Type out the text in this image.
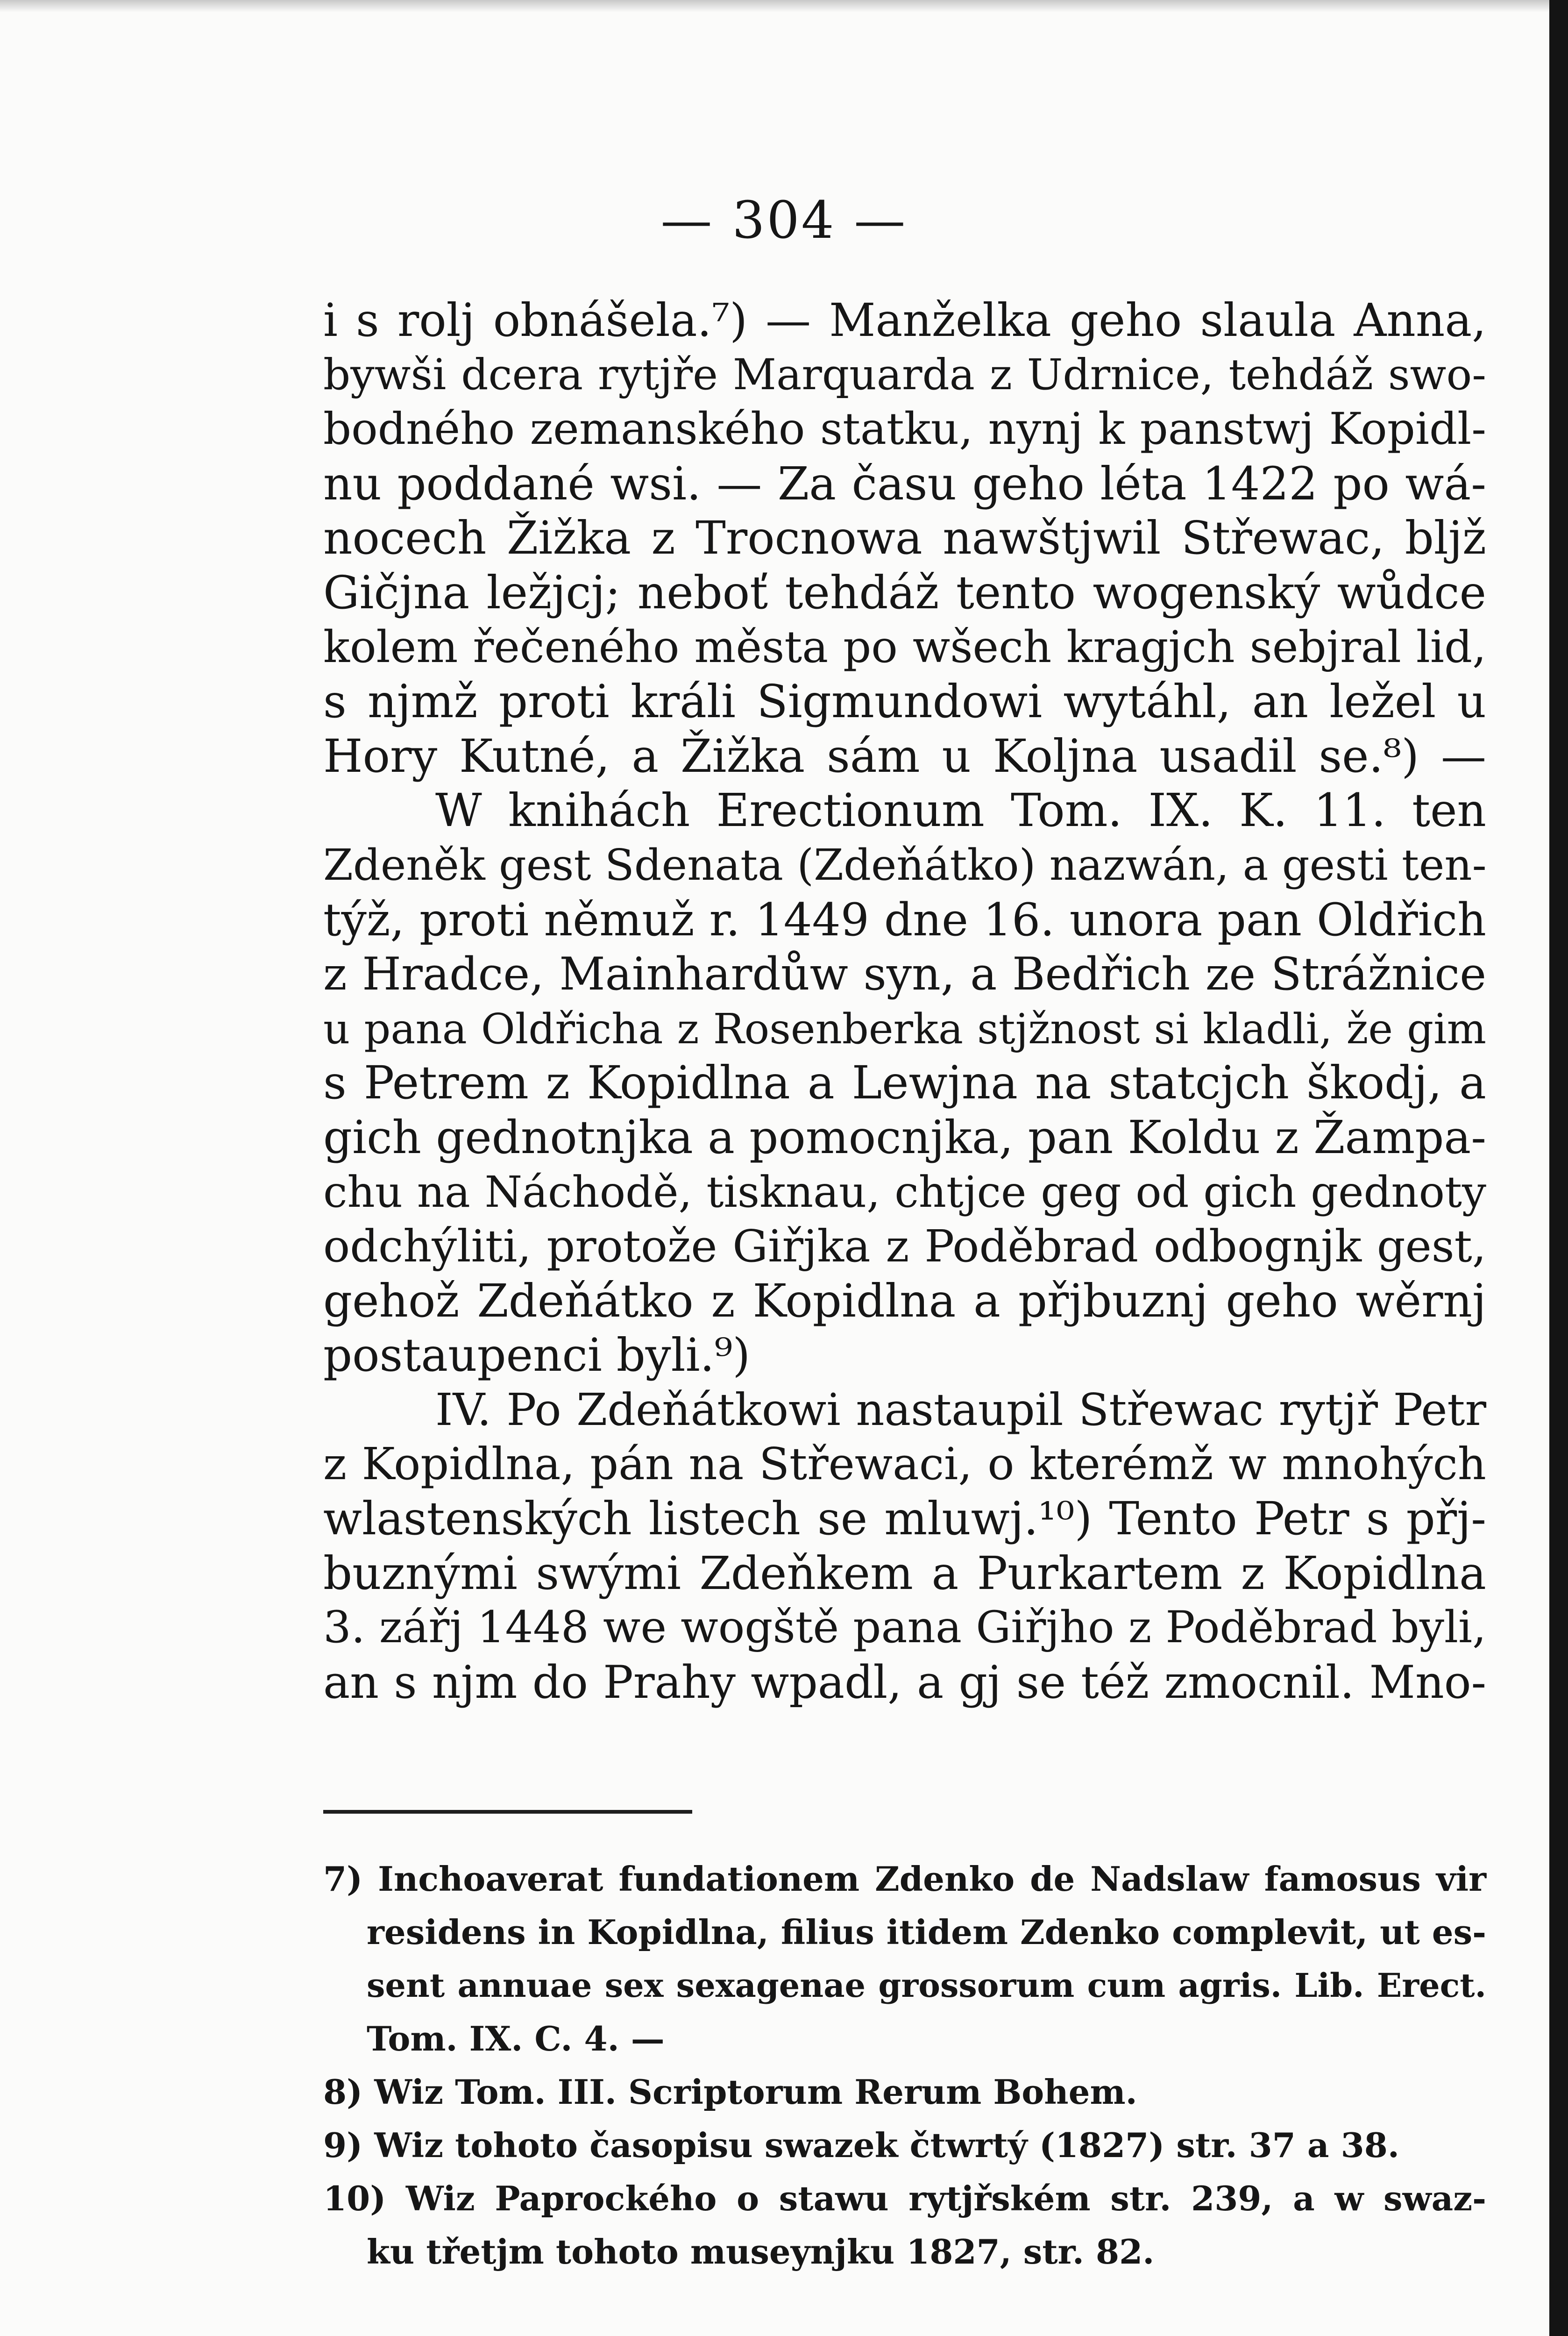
— 304 —
i s rolj obnášela.⁷) — Manželka geho slaula Anna,
bywši dcera rytjře Marquarda z Udrnice, tehdáž swo-
bodného zemanského statku, nynj k panstwj Kopidl-
nu poddané wsi. — Za času geho léta 1422 po wá-
nocech Žižka z Trocnowa nawštjwil Střewac, bljž
Gičjna ležjcj; neboť tehdáž tento wogenský wůdce
kolem řečeného města po wšech kragjch sebjral lid,
s njmž proti králi Sigmundowi wytáhl, an ležel u
Hory Kutné, a Žižka sám u Koljna usadil se.⁸) —
W knihách Erectionum Tom. IX. K. 11. ten
Zdeněk gest Sdenata (Zdeňátko) nazwán, a gesti ten-
týž, proti němuž r. 1449 dne 16. unora pan Oldřich
z Hradce, Mainhardůw syn, a Bedřich ze Strážnice
u pana Oldřicha z Rosenberka stjžnost si kladli, že gim
s Petrem z Kopidlna a Lewjna na statcjch škodj, a
gich gednotnjka a pomocnjka, pan Koldu z Žampa-
chu na Náchodě, tisknau, chtjce geg od gich gednoty
odchýliti, protože Giřjka z Poděbrad odbognjk gest,
gehož Zdeňátko z Kopidlna a přjbuznj geho wěrnj
postaupenci byli.⁹)
IV. Po Zdeňátkowi nastaupil Střewac rytjř Petr
z Kopidlna, pán na Střewaci, o kterémž w mnohých
wlastenských listech se mluwj.¹⁰) Tento Petr s přj-
buznými swými Zdeňkem a Purkartem z Kopidlna
3. zářj 1448 we wogště pana Giřjho z Poděbrad byli,
an s njm do Prahy wpadl, a gj se též zmocnil. Mno-
7) Inchoaverat fundationem Zdenko de Nadslaw famosus vir
residens in Kopidlna, filius itidem Zdenko complevit, ut es-
sent annuae sex sexagenae grossorum cum agris. Lib. Erect.
Tom. IX. C. 4. —
8) Wiz Tom. III. Scriptorum Rerum Bohem.
9) Wiz tohoto časopisu swazek čtwrtý (1827) str. 37 a 38.
10) Wiz Paprockého o stawu rytjřském str. 239, a w swaz-
ku třetjm tohoto museynjku 1827, str. 82.
